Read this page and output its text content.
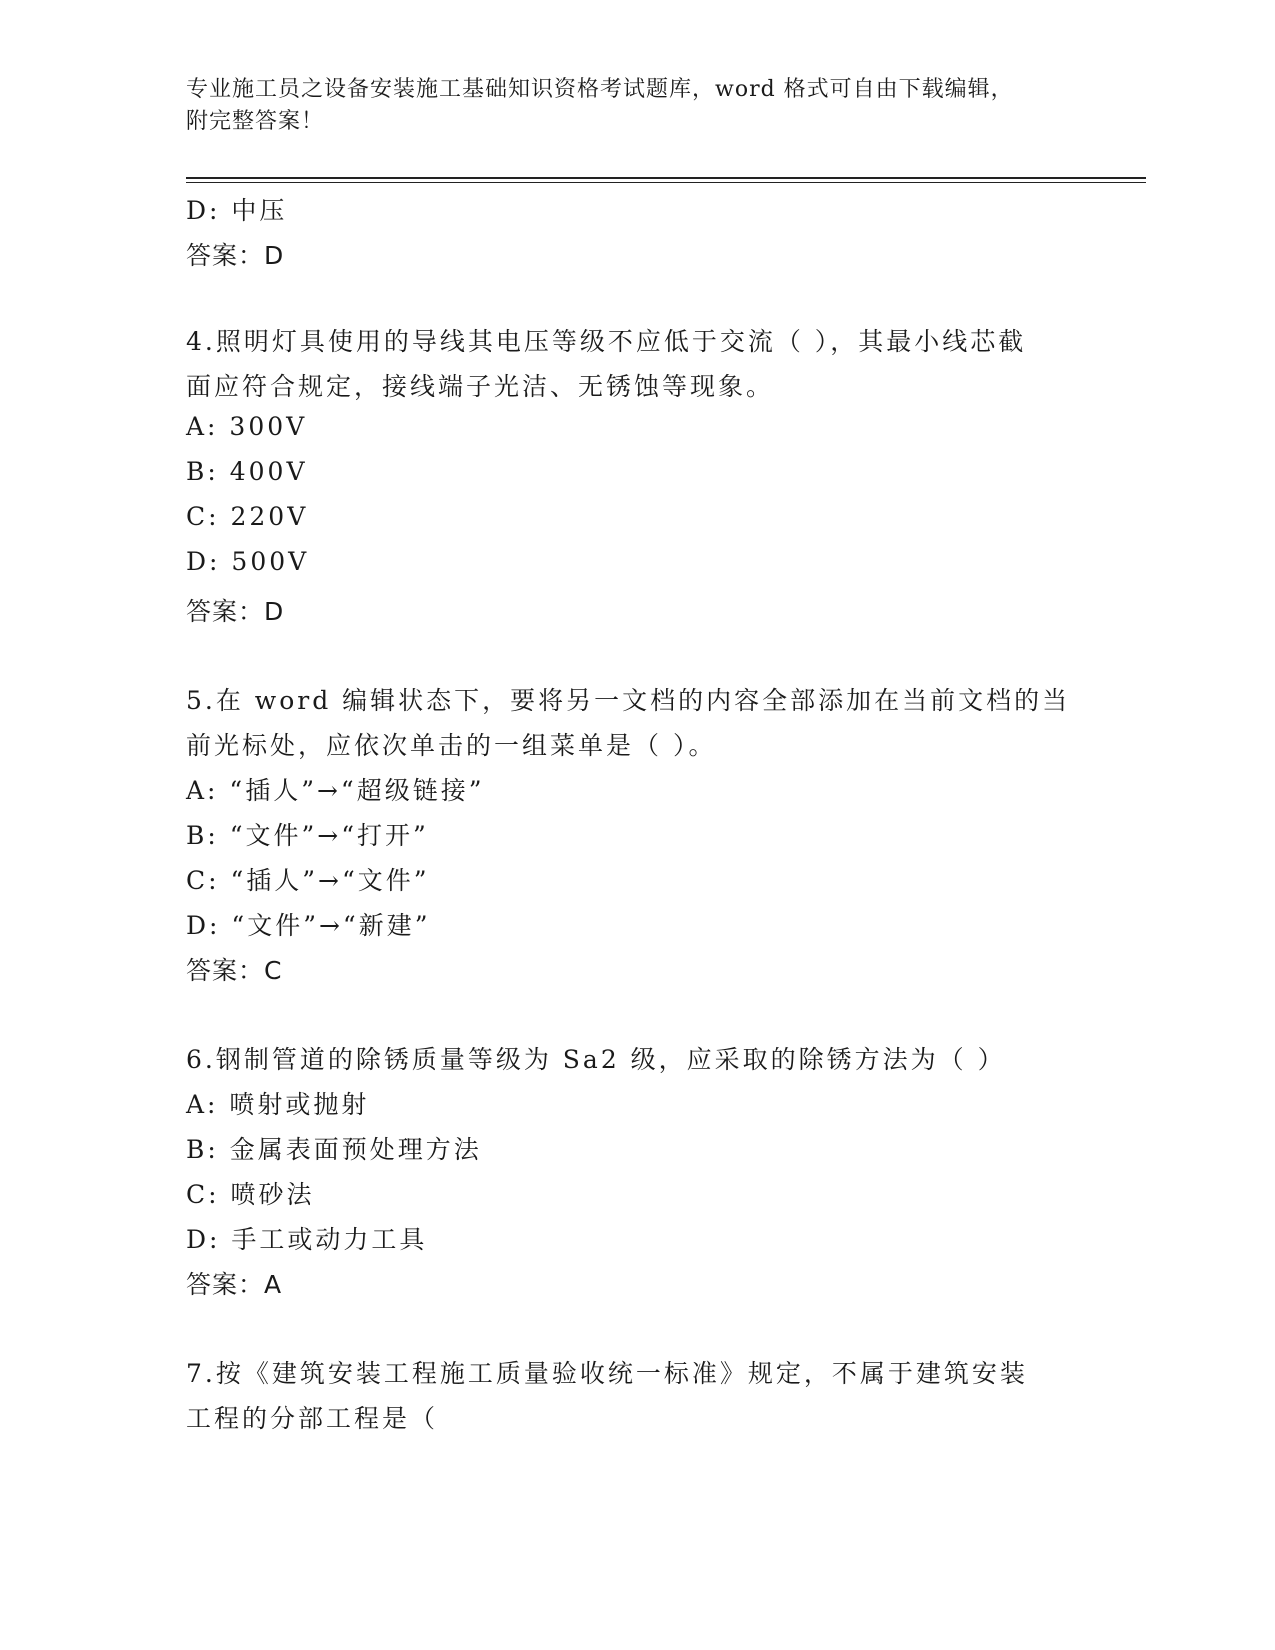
专业施工员之设备安装施工基础知识资格考试题库，word 格式可自由下载编辑，
附完整答案！
D: 中压
答案：D
4.照明灯具使用的导线其电压等级不应低于交流（ ），其最小线芯截
面应符合规定，接线端子光洁、无锈蚀等现象。
A: 300V
B: 400V
C: 220V
D: 500V
答案：D
5.在 word 编辑状态下，要将另一文档的内容全部添加在当前文档的当
前光标处，应依次单击的一组菜单是（ ）。
A: “插人”→“超级链接”
B: “文件”→“打开”
C: “插人”→“文件”
D: “文件”→“新建”
答案：C
6.钢制管道的除锈质量等级为 Sa2 级，应采取的除锈方法为（ ）
A: 喷射或抛射
B: 金属表面预处理方法
C: 喷砂法
D: 手工或动力工具
答案：A
7.按《建筑安装工程施工质量验收统一标准》规定，不属于建筑安装
工程的分部工程是（
